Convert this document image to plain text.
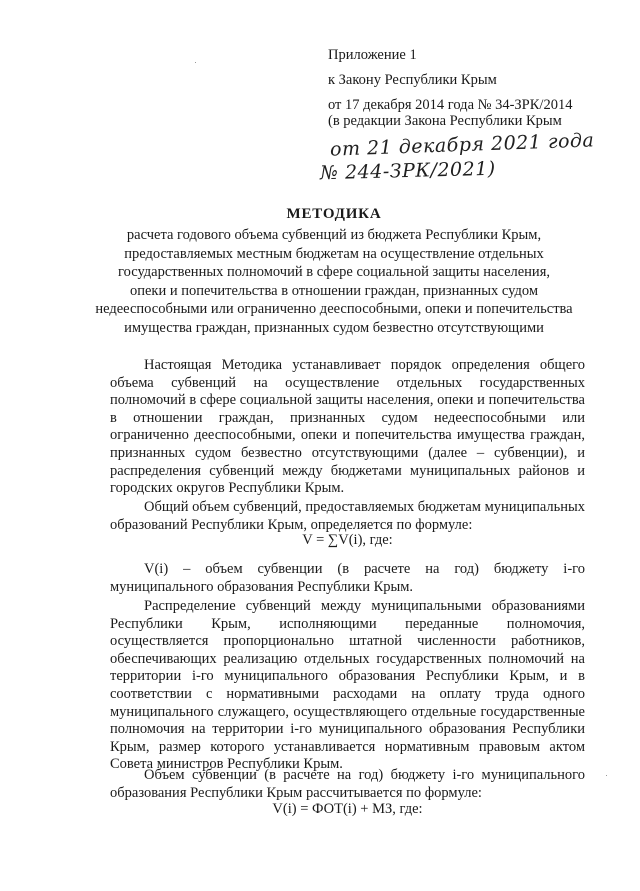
Приложение 1
к Закону Республики Крым
от 17 декабря 2014 года № 34-ЗРК/2014
(в редакции Закона Республики Крым
от 21 декабря 2021 года
№ 244-ЗРК/2021)
МЕТОДИКА
расчета годового объема субвенций из бюджета Республики Крым,
предоставляемых местным бюджетам на осуществление отдельных
государственных полномочий в сфере социальной защиты населения,
опеки и попечительства в отношении граждан, признанных судом
недееспособными или ограниченно дееспособными, опеки и попечительства
имущества граждан, признанных судом безвестно отсутствующими

Настоящая Методика устанавливает порядок определения общего объема субвенций на осуществление отдельных государственных полномочий в сфере социальной защиты населения, опеки и попечительства в отношении граждан, признанных судом недееспособными или ограниченно дееспособными, опеки и попечительства имущества граждан, признанных судом безвестно отсутствующими (далее – субвенции), и распределения субвенций между бюджетами муниципальных районов и городских округов Республики Крым.

Общий объем субвенций, предоставляемых бюджетам муниципальных образований Республики Крым, определяется по формуле:

V = ∑V(i), где:

V(i) – объем субвенции (в расчете на год) бюджету i-го муниципального образования Республики Крым.

Распределение субвенций между муниципальными образованиями Республики Крым, исполняющими переданные полномочия, осуществляется пропорционально штатной численности работников, обеспечивающих реализацию отдельных государственных полномочий на территории i-го муниципального образования Республики Крым, и в соответствии с нормативными расходами на оплату труда одного муниципального служащего, осуществляющего отдельные государственные полномочия на территории i-го муниципального образования Республики Крым, размер которого устанавливается нормативным правовым актом Совета министров Республики Крым.

Объем субвенции (в расчете на год) бюджету i-го муниципального образования Республики Крым рассчитывается по формуле:

V(i) = ФОТ(i) + МЗ, где:
